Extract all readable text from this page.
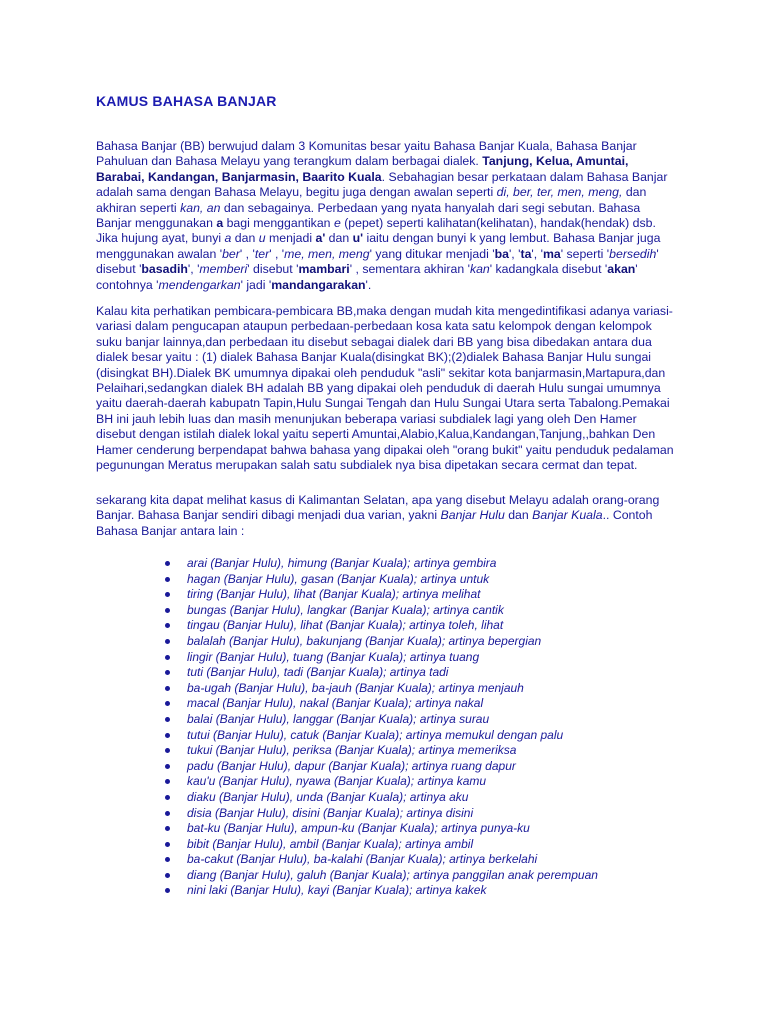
KAMUS BAHASA BANJAR

Bahasa Banjar (BB) berwujud dalam 3 Komunitas besar yaitu Bahasa Banjar Kuala, Bahasa Banjar Pahuluan dan Bahasa Melayu yang terangkum dalam berbagai dialek. Tanjung, Kelua, Amuntai, Barabai, Kandangan, Banjarmasin, Baarito Kuala. Sebahagian besar perkataan dalam Bahasa Banjar adalah sama dengan Bahasa Melayu, begitu juga dengan awalan seperti di, ber, ter, men, meng, dan akhiran seperti kan, an dan sebagainya. Perbedaan yang nyata hanyalah dari segi sebutan. Bahasa Banjar menggunakan a bagi menggantikan e (pepet) seperti kalihatan(kelihatan), handak(hendak) dsb. Jika hujung ayat, bunyi a dan u menjadi a' dan u' iaitu dengan bunyi k yang lembut. Bahasa Banjar juga menggunakan awalan 'ber' , 'ter' , 'me, men, meng' yang ditukar menjadi 'ba', 'ta', 'ma' seperti 'bersedih' disebut 'basadih', 'memberi' disebut 'mambari' , sementara akhiran 'kan' kadangkala disebut 'akan' contohnya 'mendengarkan' jadi 'mandangarakan'.

Kalau kita perhatikan pembicara-pembicara BB,maka dengan mudah kita mengedintifikasi adanya variasi-variasi dalam pengucapan ataupun perbedaan-perbedaan kosa kata satu kelompok dengan kelompok suku banjar lainnya,dan perbedaan itu disebut sebagai dialek dari BB yang bisa dibedakan antara dua dialek besar yaitu : (1) dialek Bahasa Banjar Kuala(disingkat BK);(2)dialek Bahasa Banjar Hulu sungai (disingkat BH).Dialek BK umumnya dipakai oleh penduduk "asli" sekitar kota banjarmasin,Martapura,dan Pelaihari,sedangkan dialek BH adalah BB yang dipakai oleh penduduk di daerah Hulu sungai umumnya yaitu daerah-daerah kabupatn Tapin,Hulu Sungai Tengah dan Hulu Sungai Utara serta Tabalong.Pemakai BH ini jauh lebih luas dan masih menunjukan beberapa variasi subdialek lagi yang oleh Den Hamer disebut dengan istilah dialek lokal yaitu seperti Amuntai,Alabio,Kalua,Kandangan,Tanjung,,bahkan Den Hamer cenderung berpendapat bahwa bahasa yang dipakai oleh "orang bukit" yaitu penduduk pedalaman pegunungan Meratus merupakan salah satu subdialek nya bisa dipetakan secara cermat dan tepat.

sekarang kita dapat melihat kasus di Kalimantan Selatan, apa yang disebut Melayu adalah orang-orang Banjar. Bahasa Banjar sendiri dibagi menjadi dua varian, yakni Banjar Hulu dan Banjar Kuala.. Contoh Bahasa Banjar antara lain :

arai (Banjar Hulu), himung (Banjar Kuala); artinya gembira
hagan (Banjar Hulu), gasan (Banjar Kuala); artinya untuk
tiring (Banjar Hulu), lihat (Banjar Kuala); artinya melihat
bungas (Banjar Hulu), langkar (Banjar Kuala); artinya cantik
tingau (Banjar Hulu), lihat (Banjar Kuala); artinya toleh, lihat
balalah (Banjar Hulu), bakunjang (Banjar Kuala); artinya bepergian
lingir (Banjar Hulu), tuang (Banjar Kuala); artinya tuang
tuti (Banjar Hulu), tadi (Banjar Kuala); artinya tadi
ba-ugah (Banjar Hulu), ba-jauh (Banjar Kuala); artinya menjauh
macal (Banjar Hulu), nakal (Banjar Kuala); artinya nakal
balai (Banjar Hulu), langgar (Banjar Kuala); artinya surau
tutui (Banjar Hulu), catuk (Banjar Kuala); artinya memukul dengan palu
tukui (Banjar Hulu), periksa (Banjar Kuala); artinya memeriksa
padu (Banjar Hulu), dapur (Banjar Kuala); artinya ruang dapur
kau'u (Banjar Hulu), nyawa (Banjar Kuala); artinya kamu
diaku (Banjar Hulu), unda (Banjar Kuala); artinya aku
disia (Banjar Hulu), disini (Banjar Kuala); artinya disini
bat-ku (Banjar Hulu), ampun-ku (Banjar Kuala); artinya punya-ku
bibit (Banjar Hulu), ambil (Banjar Kuala); artinya ambil
ba-cakut (Banjar Hulu), ba-kalahi (Banjar Kuala); artinya berkelahi
diang (Banjar Hulu), galuh (Banjar Kuala); artinya panggilan anak perempuan
nini laki (Banjar Hulu), kayi (Banjar Kuala); artinya kakek
